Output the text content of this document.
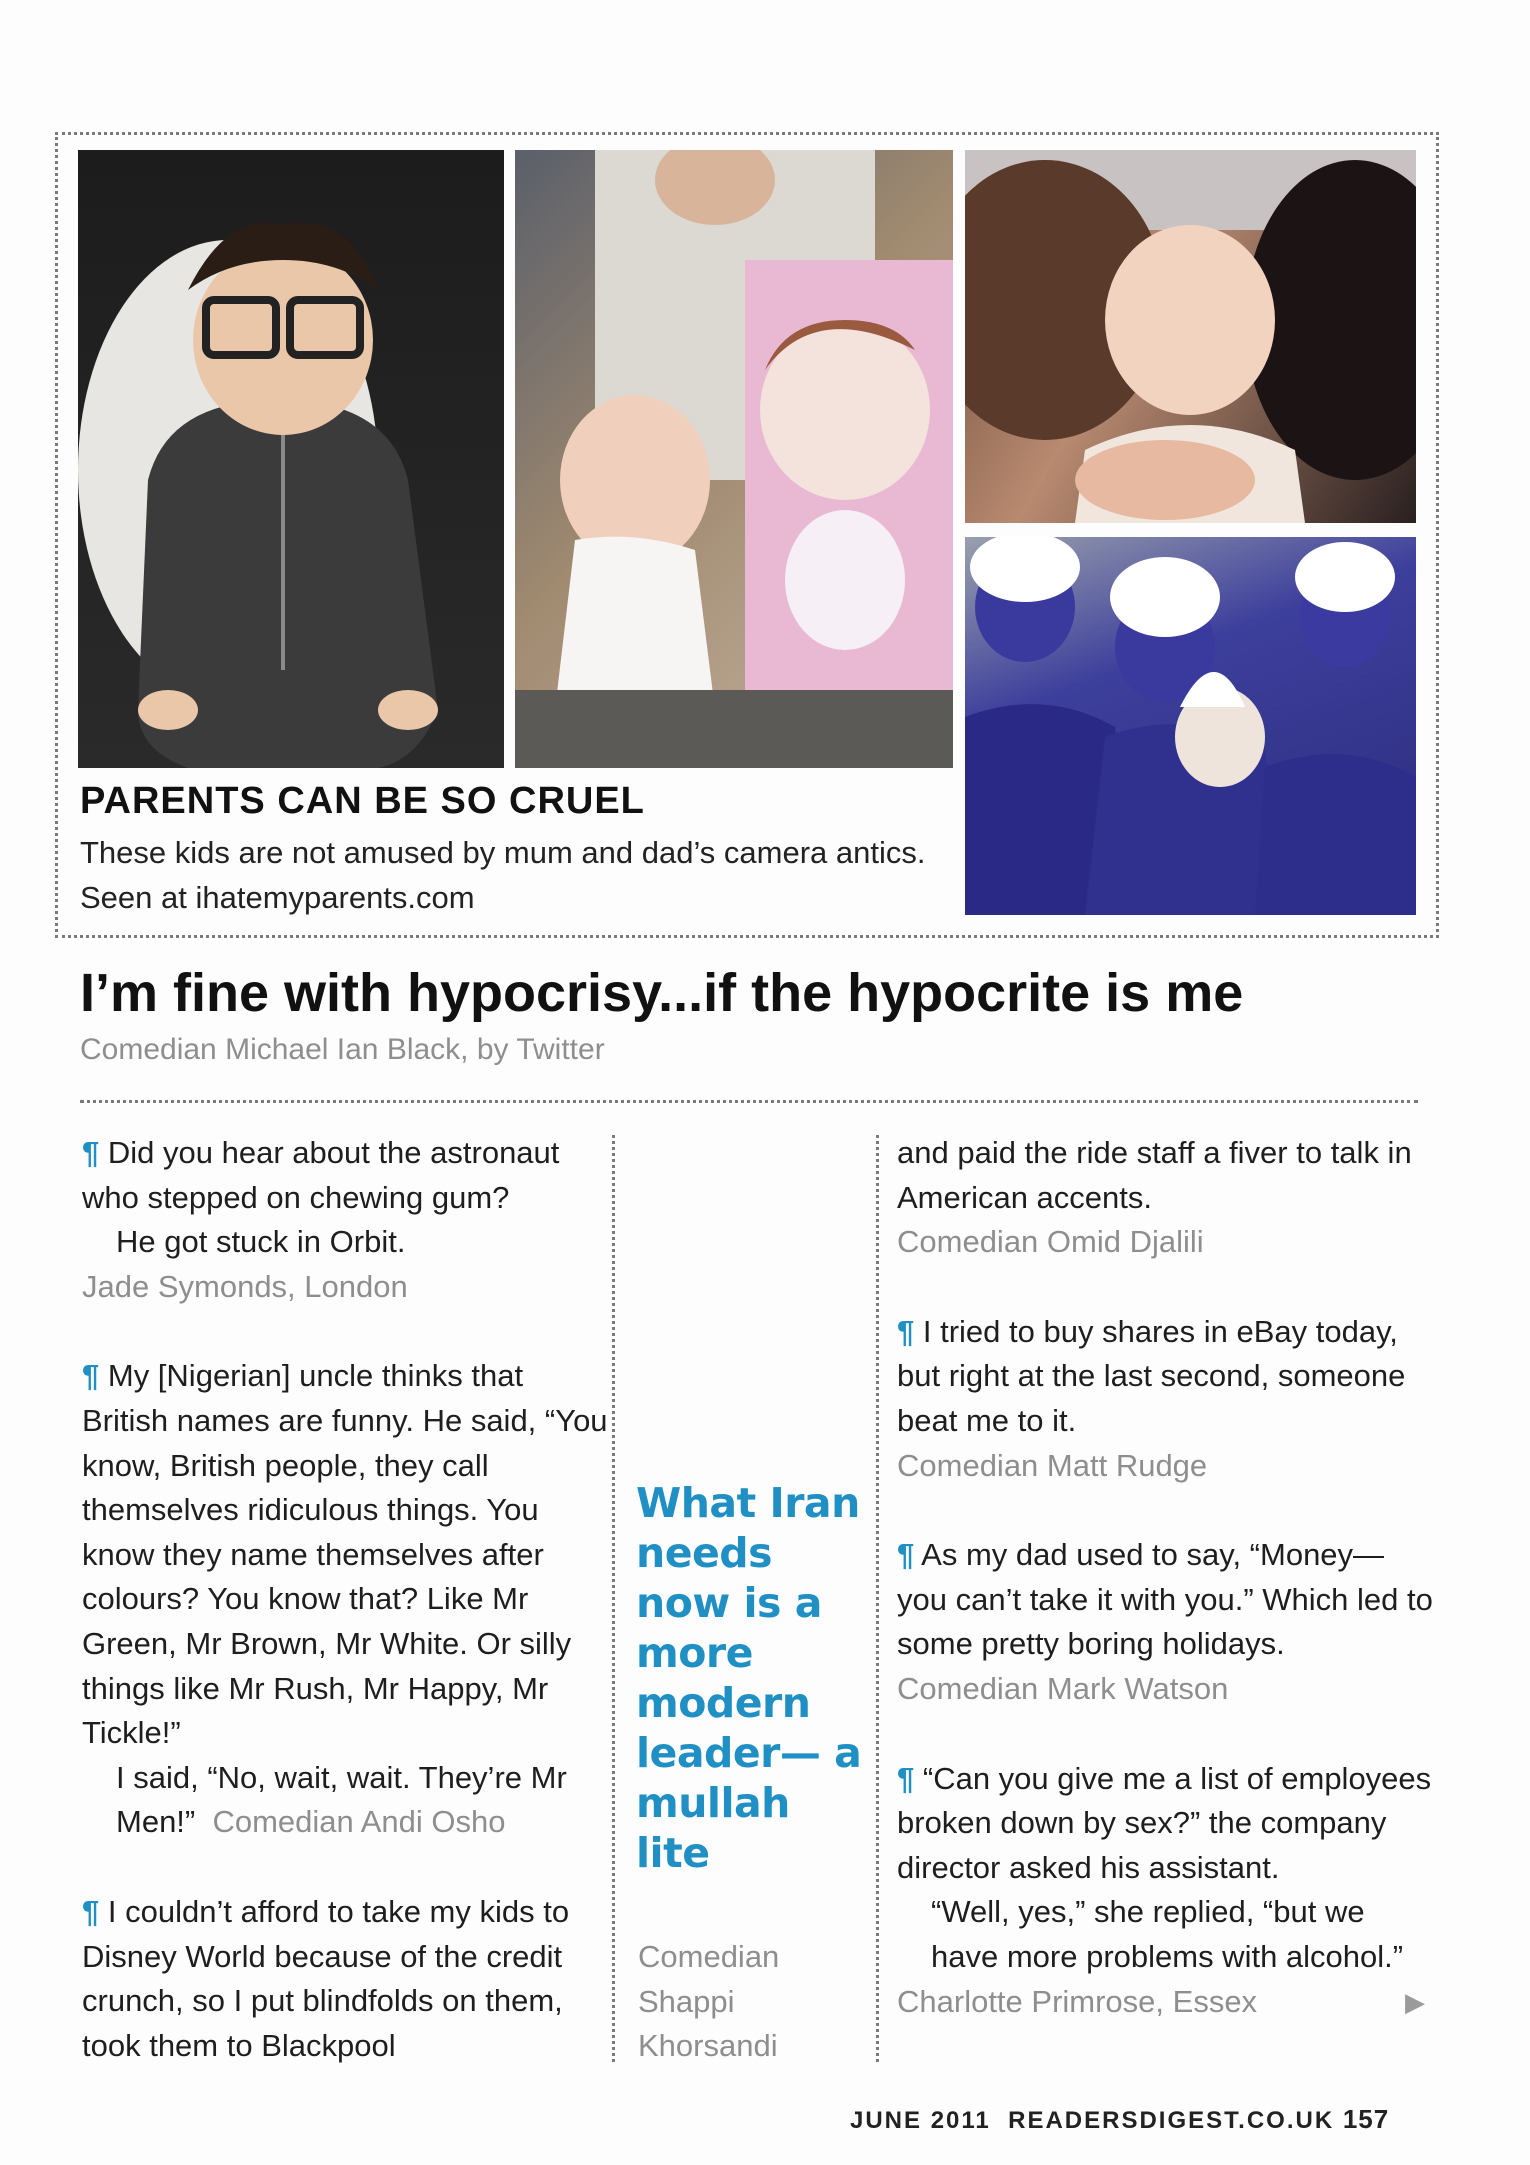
PARENTS CAN BE SO CRUEL
These kids are not amused by mum and dad’s camera antics. Seen at ihatemyparents.com
I’m fine with hypocrisy...if the hypocrite is me
Comedian Michael Ian Black, by Twitter

¶ Did you hear about the astronaut who stepped on chewing gum?

He got stuck in Orbit.

Jade Symonds, London

¶ My [Nigerian] uncle thinks that British names are funny. He said, “You know, British people, they call themselves ridiculous things. You know they name themselves after colours? You know that? Like Mr Green, Mr Brown, Mr White. Or silly things like Mr Rush, Mr Happy, Mr Tickle!”

I said, “No, wait, wait. They’re Mr Men!” Comedian Andi Osho

¶ I couldn’t afford to take my kids to Disney World because of the credit crunch, so I put blindfolds on them, took them to Blackpool

What Iran needs now is a more modern leader— a mullah lite
Comedian Shappi Khorsandi

and paid the ride staff a fiver to talk in American accents.

Comedian Omid Djalili

¶ I tried to buy shares in eBay today, but right at the last second, someone beat me to it.

Comedian Matt Rudge

¶ As my dad used to say, “Money— you can’t take it with you.” Which led to some pretty boring holidays.

Comedian Mark Watson

¶ “Can you give me a list of employees broken down by sex?” the company director asked his assistant.

“Well, yes,” she replied, “but we have more problems with alcohol.”

Charlotte Primrose, Essex	▶

JUNE 2011 READERSDIGEST.CO.UK 157
